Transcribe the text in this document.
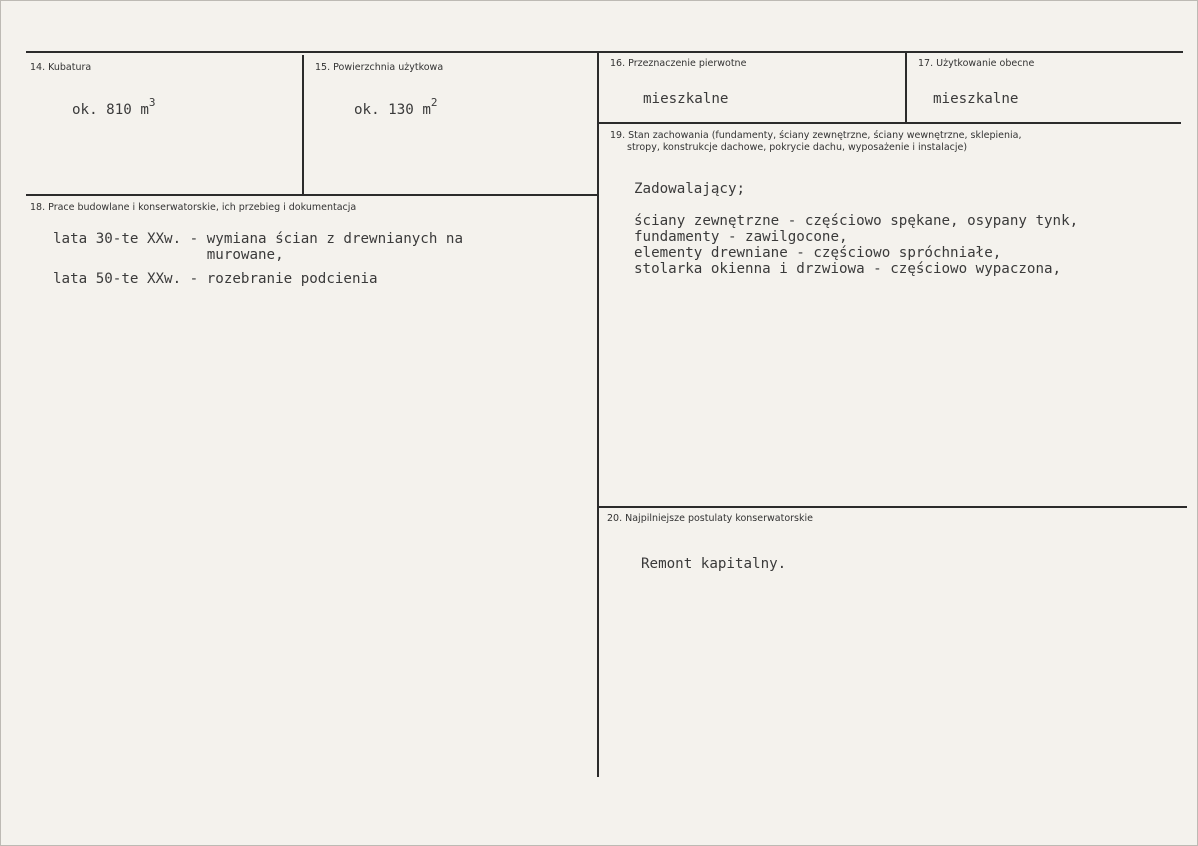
14. Kubatura
ok. 810 $m^3$
15. Powierzchnia użytkowa
ok. 130 $m^2$
16. Przeznaczenie pierwotne
mieszkalne
17. Użytkowanie obecne
mieszkalne
19. Stan zachowania (fundamenty, ściany zewnętrzne, ściany wewnętrzne, sklepienia,
stropy, konstrukcje dachowe, pokrycie dachu, wyposażenie i instalacje)
Zadowalający;
ściany zewnętrzne - częściowo spękane, osypany tynk,
fundamenty - zawilgocone,
elementy drewniane - częściowo spróchniałe,
stolarka okienna i drzwiowa - częściowo wypaczona,
18. Prace budowlane i konserwatorskie, ich przebieg i dokumentacja
lata 30-te XXw. - wymiana ścian z drewnianych na
murowane,
lata 50-te XXw. - rozebranie podcienia
20. Najpilniejsze postulaty konserwatorskie
Remont kapitalny.
